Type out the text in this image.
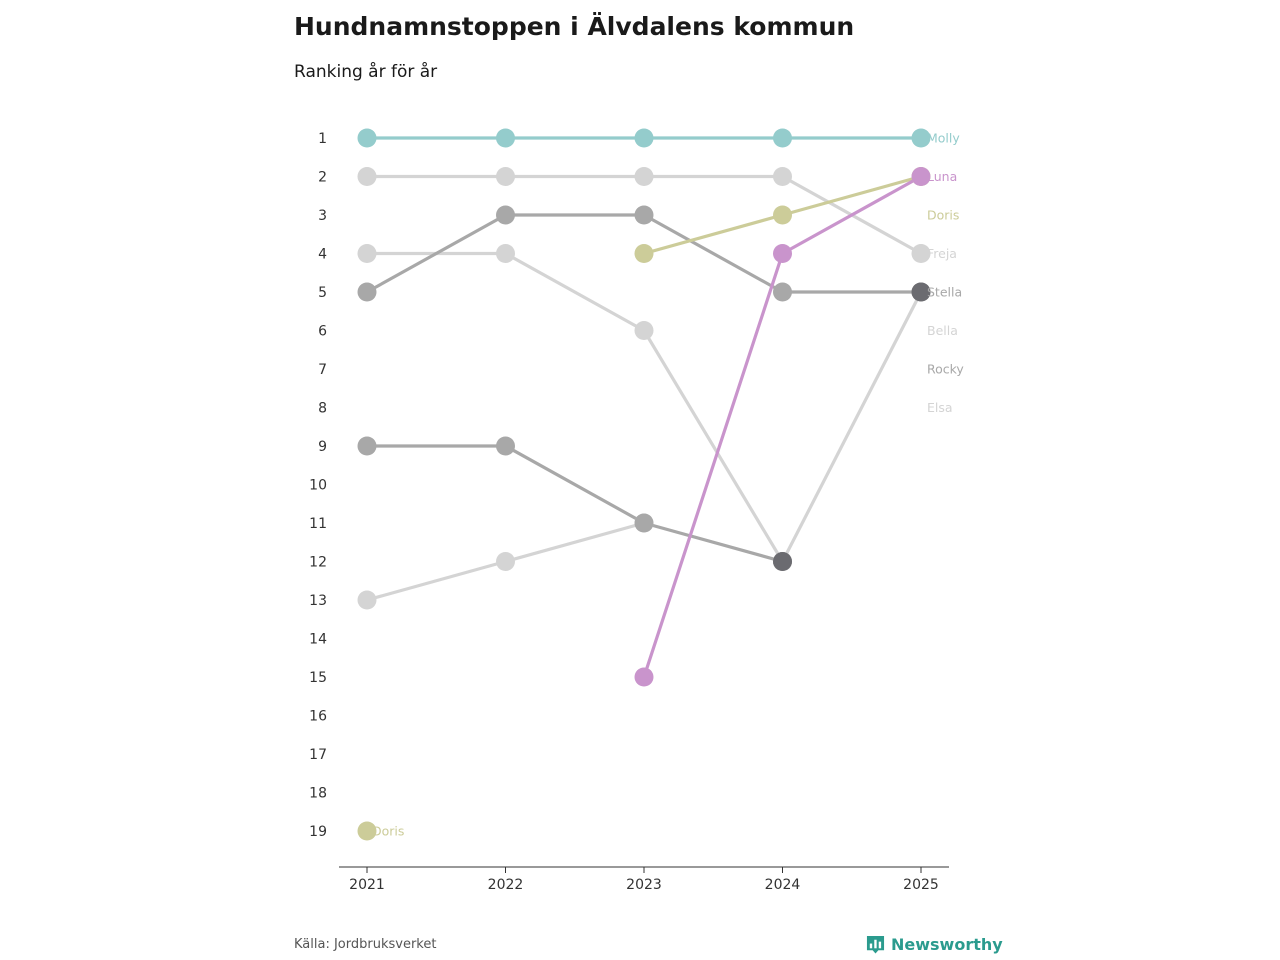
Hundnamnstoppen i Älvdalens kommun

Ranking år för år

1
2
3
4
5
6
7
8
9
10
11
12
13
14
15
16
17
18
19
2021	2022	2023	2024	2025
Molly
Luna
Doris
Freja
Stella
Bella
Rocky
Elsa
Doris
Källa: Jordbruksverket	Newsworthy
